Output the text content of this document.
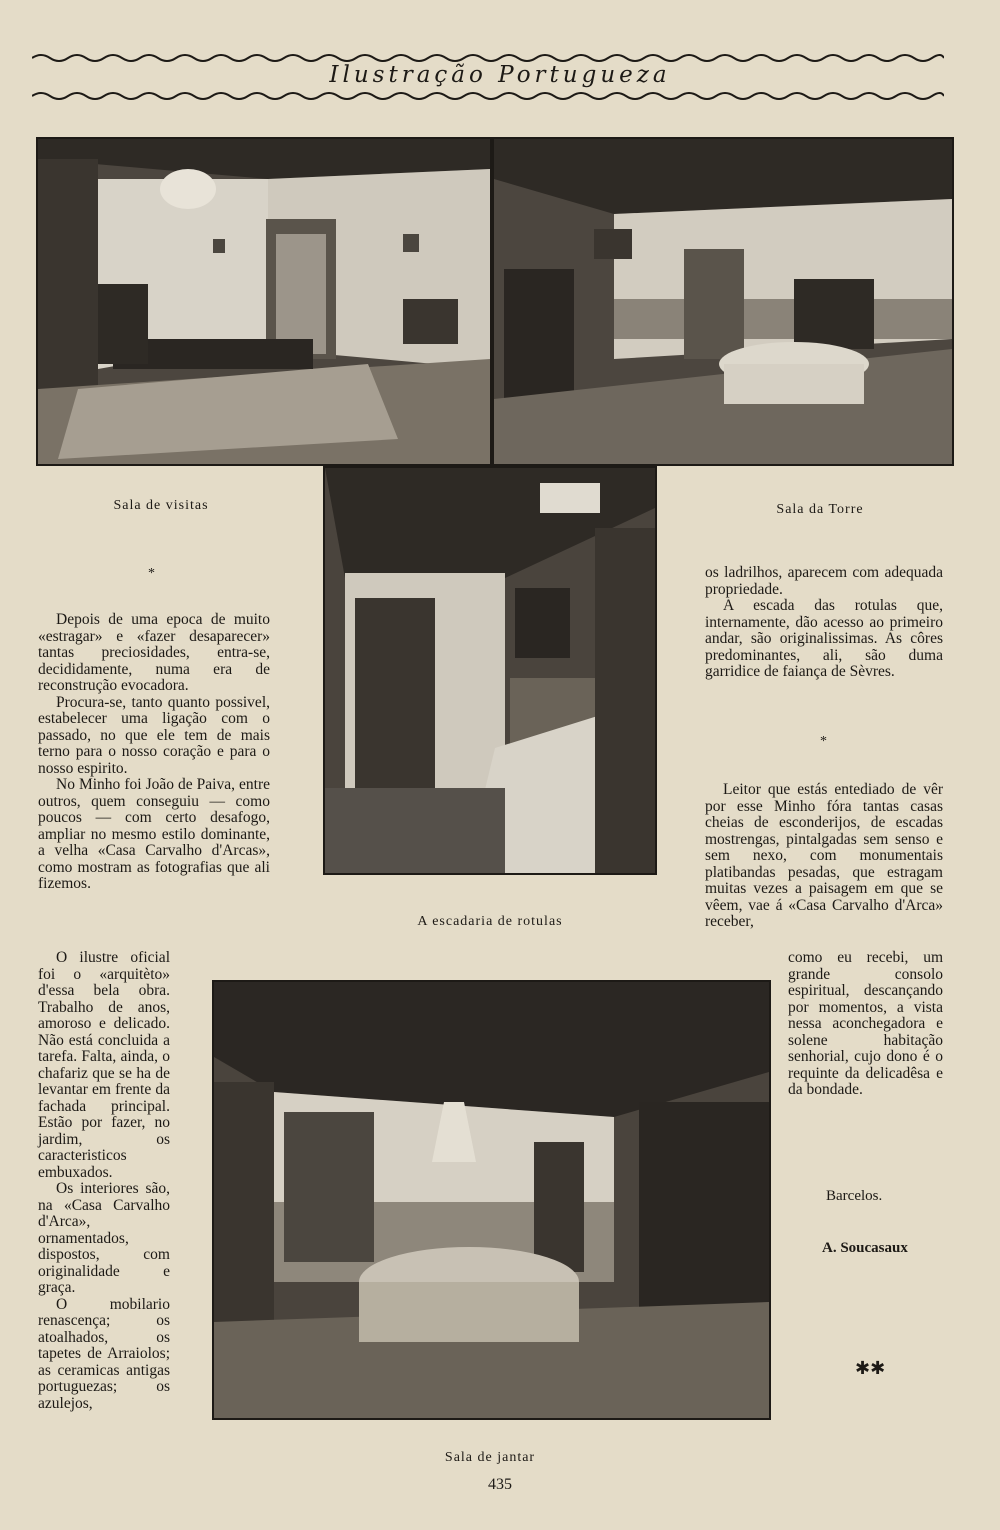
Ilustração Portugueza
Sala de visitas	Sala da Torre
A escadaria de rotulas
Sala de jantar
*

Depois de uma epoca de muito «estragar» e «fazer desaparecer» tantas preciosidades, entra-se, decididamente, numa era de reconstrução evocadora.

Procura-se, tanto quanto possivel, estabelecer uma ligação com o passado, no que ele tem de mais terno para o nosso coração e para o nosso espirito.

No Minho foi João de Paiva, entre outros, quem conseguiu — como poucos — com certo desafogo, ampliar no mesmo estilo dominante, a velha «Casa Carvalho d'Arcas», como mostram as fotografias que ali fizemos.

O ilustre oficial foi o «arquitèto» d'essa bela obra. Trabalho de anos, amoroso e delicado. Não está concluida a tarefa. Falta, ainda, o chafariz que se ha de levantar em frente da fachada principal. Estão por fazer, no jardim, os caracteristicos embuxados.

Os interiores são, na «Casa Carvalho d'Arca», ornamentados, dispostos, com originalidade e graça.

O mobilario renascença; os atoalhados, os tapetes de Arraiolos; as ceramicas antigas portuguezas; os azulejos,

os ladrilhos, aparecem com adequada propriedade.

A escada das rotulas que, internamente, dão acesso ao primeiro andar, são originalissimas. As côres predominantes, ali, são duma garridice de faiança de Sèvres.

*

Leitor que estás entediado de vêr por esse Minho fóra tantas casas cheias de esconderijos, de escadas mostrengas, pintalgadas sem senso e sem nexo, com monumentais platibandas pesadas, que estragam muitas vezes a paisagem em que se vêem, vae á «Casa Carvalho d'Arca» receber,

como eu recebi, um grande consolo espiritual, descançando por momentos, a vista nessa aconchegadora e solene habitação senhorial, cujo dono é o requinte da delicadêsa e da bondade.

Barcelos.
A. Soucasaux
✱✱
435
